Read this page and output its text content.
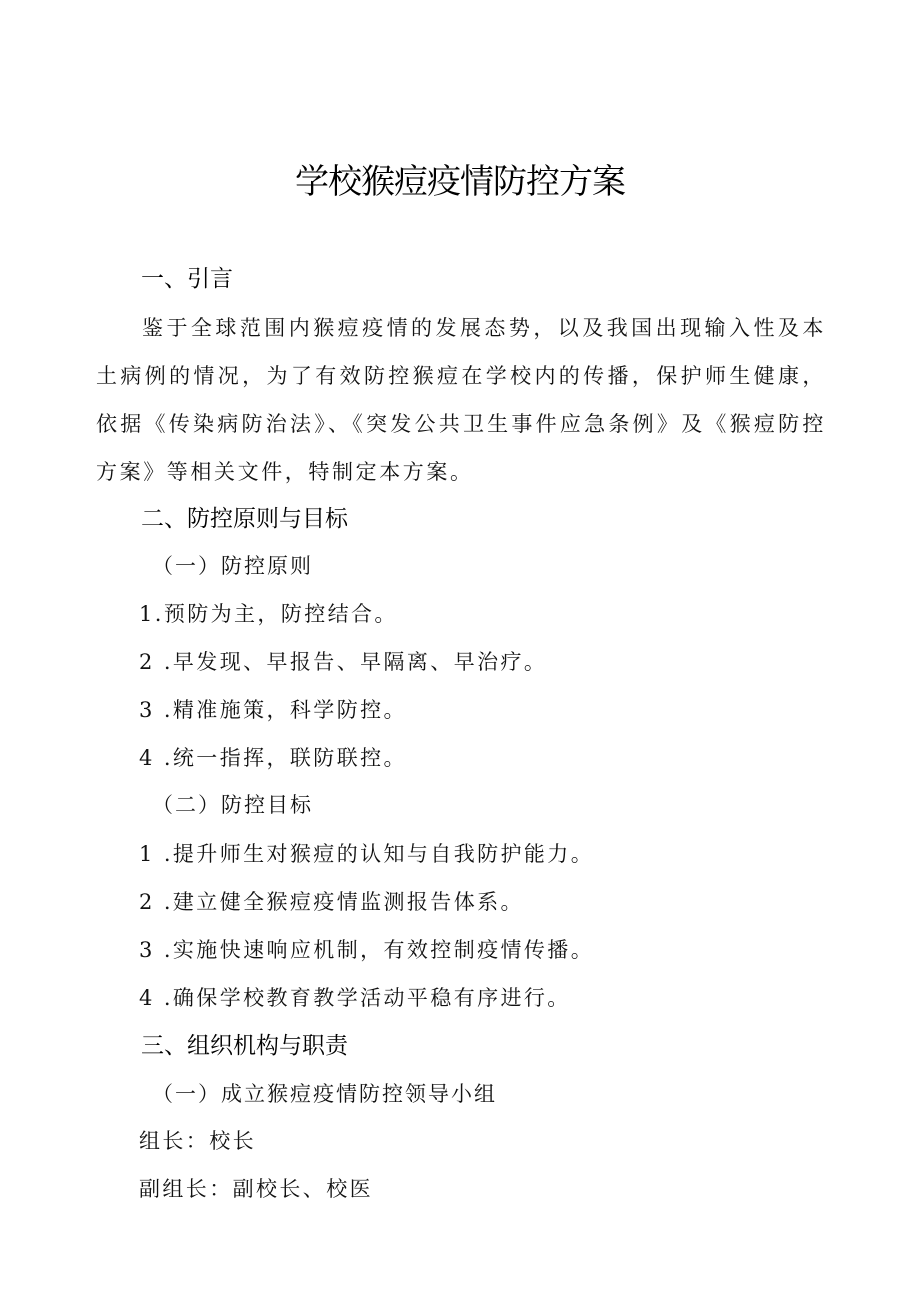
学校猴痘疫情防控方案
一、引言
鉴于全球范围内猴痘疫情的发展态势，以及我国出现输入性及本土病例的情况，为了有效防控猴痘在学校内的传播，保护师生健康，依据《传染病防治法》、《突发公共卫生事件应急条例》及《猴痘防控方案》等相关文件，特制定本方案。
二、防控原则与目标
（一）防控原则
1.预防为主，防控结合。
2 .早发现、早报告、早隔离、早治疗。
3 .精准施策，科学防控。
4 .统一指挥，联防联控。
（二）防控目标
1 .提升师生对猴痘的认知与自我防护能力。
2 .建立健全猴痘疫情监测报告体系。
3 .实施快速响应机制，有效控制疫情传播。
4 .确保学校教育教学活动平稳有序进行。
三、组织机构与职责
（一）成立猴痘疫情防控领导小组
组长：校长
副组长：副校长、校医
